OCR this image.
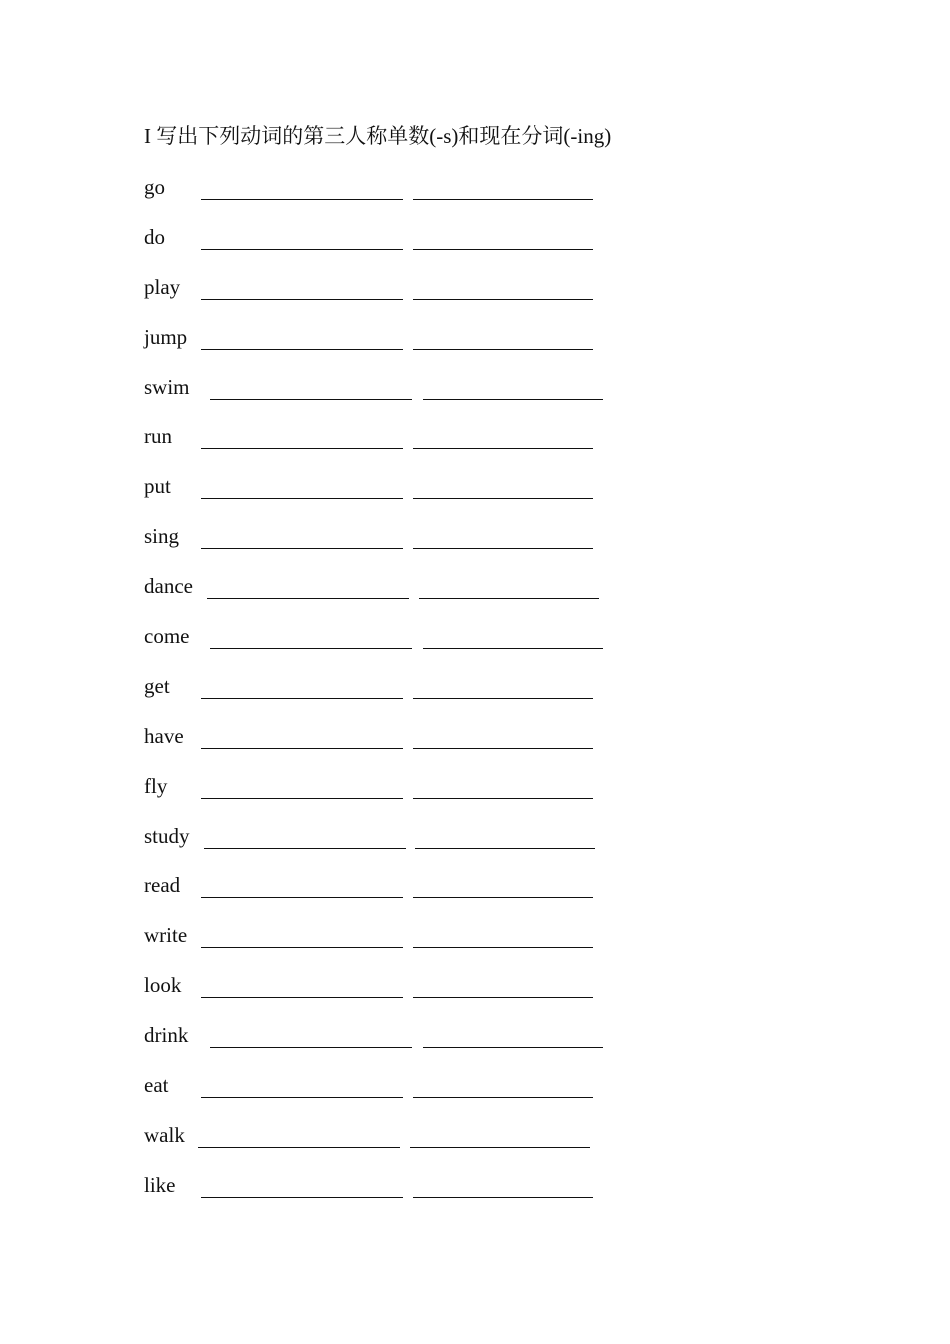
I 写出下列动词的第三人称单数(-s)和现在分词(-ing)
go
do
play
jump
swim
run
put
sing
dance
come
get
have
fly
study
read
write
look
drink
eat
walk
like
